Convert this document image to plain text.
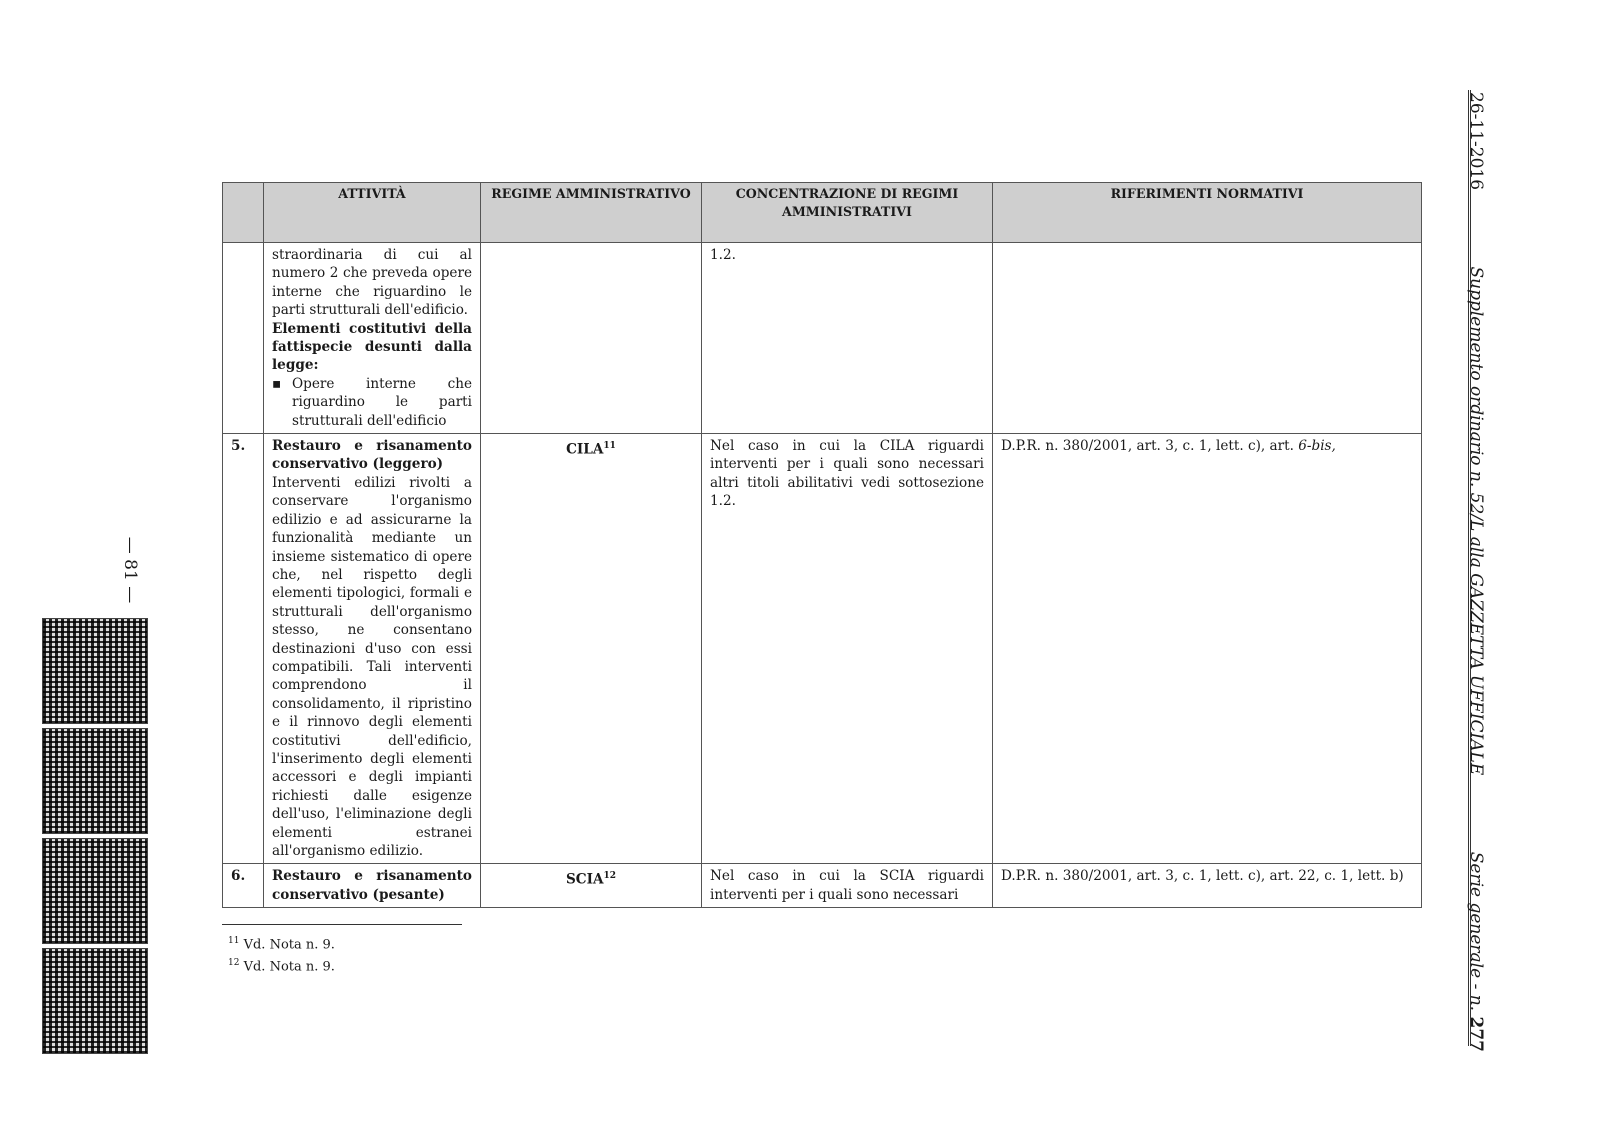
	ATTIVITÀ	REGIME AMMINISTRATIVO	CONCENTRAZIONE DI REGIMI AMMINISTRATIVI	RIFERIMENTI NORMATIVI

	straordinaria di cui al numero 2 che preveda opere interne che riguardino le parti strutturali dell'edificio.
Elementi costitutivi della fattispecie desunti dalla legge:
▪ Opere interne che riguardino le parti strutturali dell'edificio		1.2.	
5.	Restauro e risanamento conservativo (leggero)
Interventi edilizi rivolti a conservare l'organismo edilizio e ad assicurarne la funzionalità mediante un insieme sistematico di opere che, nel rispetto degli elementi tipologici, formali e strutturali dell'organismo stesso, ne consentano destinazioni d'uso con essi compatibili. Tali interventi comprendono il consolidamento, il ripristino e il rinnovo degli elementi costitutivi dell'edificio, l'inserimento degli elementi accessori e degli impianti richiesti dalle esigenze dell'uso, l'eliminazione degli elementi estranei all'organismo edilizio.	CILA$^{11}$	Nel caso in cui la CILA riguardi interventi per i quali sono necessari altri titoli abilitativi vedi sottosezione 1.2.	D.P.R. n. 380/2001, art. 3, c. 1, lett. c), art. 6-bis,
6.	Restauro e risanamento conservativo (pesante)	SCIA$^{12}$	Nel caso in cui la SCIA riguardi interventi per i quali sono necessari	D.P.R. n. 380/2001, art. 3, c. 1, lett. c), art. 22, c. 1, lett. b)
$^{11}$ Vd. Nota n. 9.
$^{12}$ Vd. Nota n. 9.
— 81 —
26-11-2016
Supplemento ordinario n. 52/L alla GAZZETTA UFFICIALE
Serie generale - n. 277
